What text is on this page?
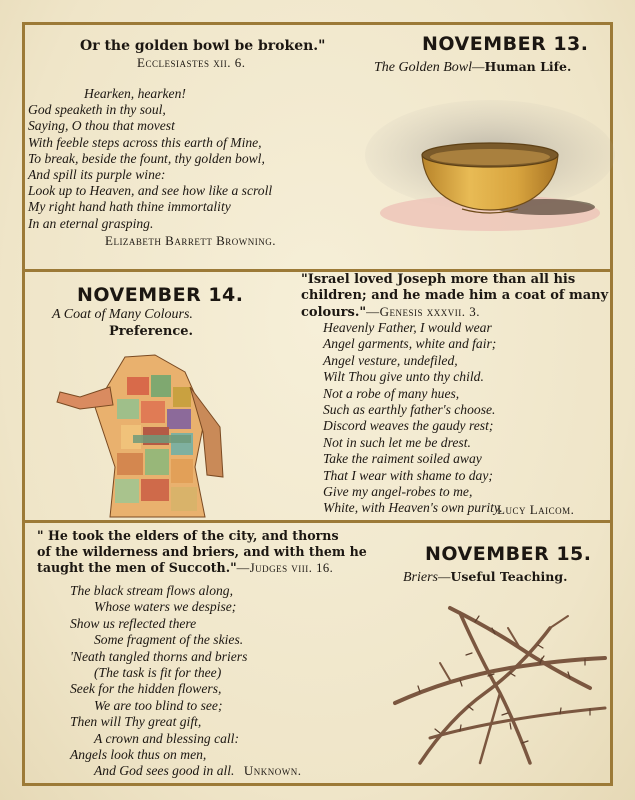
Or the golden bowl be broken."
Ecclesiastes xii. 6.
NOVEMBER 13.
The Golden Bowl—Human Life.
Hearken, hearken!
God speaketh in thy soul,
Saying, O thou that movest
With feeble steps across this earth of Mine,
To break, beside the fount, thy golden bowl,
And spill its purple wine:
Look up to Heaven, and see how like a scroll
My right hand hath thine immortality
In an eternal grasping.
Elizabeth Barrett Browning.
NOVEMBER 14.
A Coat of Many Colours.
Preference.
"Israel loved Joseph more than all his
children; and he made him a coat of many
colours."—Genesis xxxvii. 3.
Heavenly Father, I would wear
Angel garments, white and fair;
Angel vesture, undefiled,
Wilt Thou give unto thy child.
Not a robe of many hues,
Such as earthly father's choose.
Discord weaves the gaudy rest;
Not in such let me be drest.
Take the raiment soiled away
That I wear with shame to day;
Give my angel-robes to me,
White, with Heaven's own purity.
Lucy Laicom.
" He took the elders of the city, and thorns
of the wilderness and briers, and with them he
taught the men of Succoth."—Judges viii. 16.
NOVEMBER 15.
Briers—Useful Teaching.
The black stream flows along,
Whose waters we despise;
Show us reflected there
Some fragment of the skies.
'Neath tangled thorns and briers
(The task is fit for thee)
Seek for the hidden flowers,
We are too blind to see;
Then will Thy great gift,
A crown and blessing call:
Angels look thus on men,
And God sees good in all. Unknown.
